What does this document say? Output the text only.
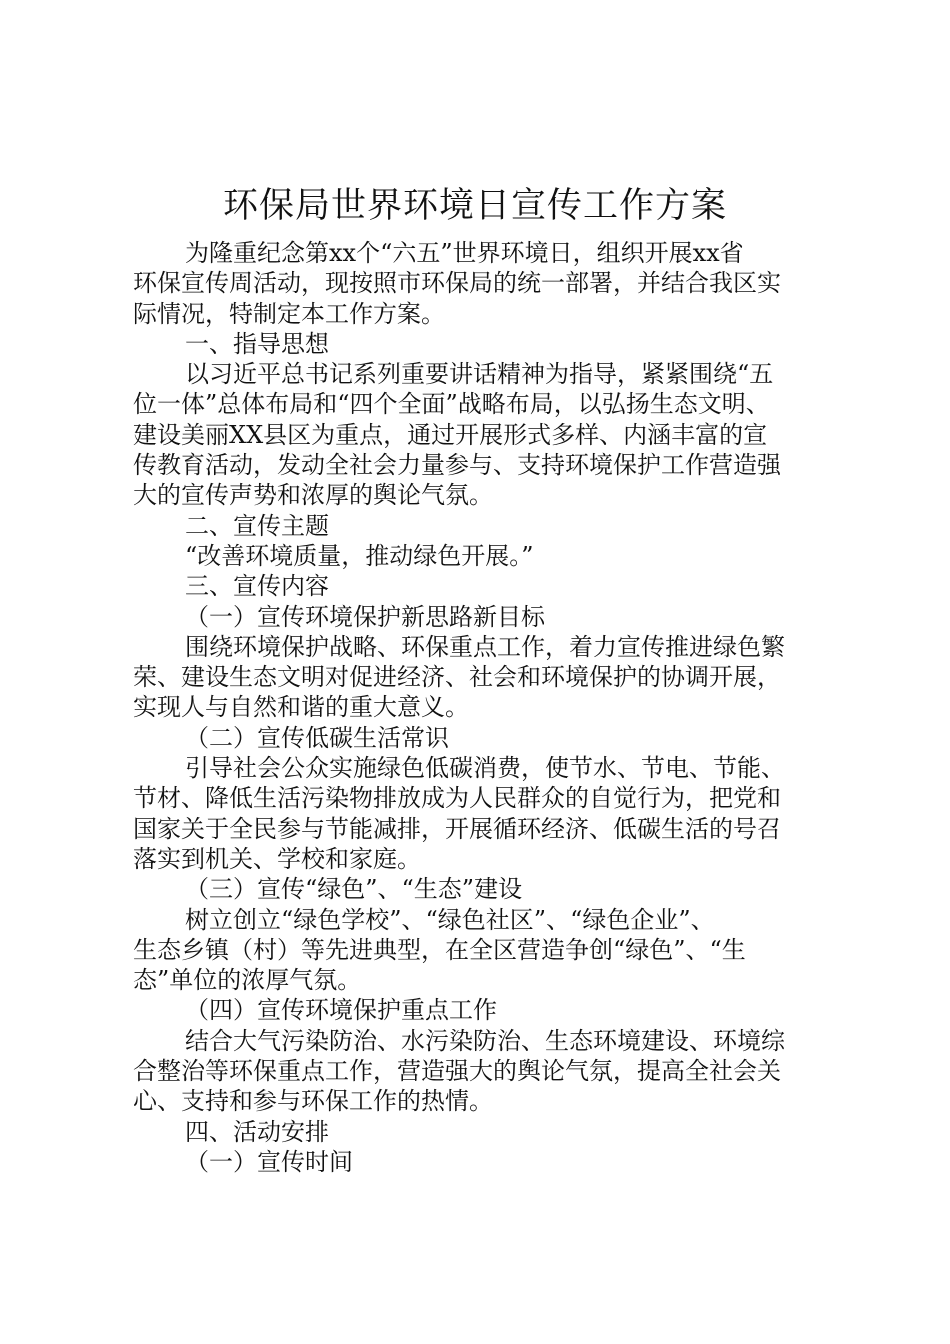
环保局世界环境日宣传工作方案
为隆重纪念第xx个“六五”世界环境日，组织开展xx省
环保宣传周活动，现按照市环保局的统一部署，并结合我区实
际情况，特制定本工作方案。
一、指导思想
以习近平总书记系列重要讲话精神为指导，紧紧围绕“五
位一体”总体布局和“四个全面”战略布局，以弘扬生态文明、
建设美丽XX县区为重点，通过开展形式多样、内涵丰富的宣
传教育活动，发动全社会力量参与、支持环境保护工作营造强
大的宣传声势和浓厚的舆论气氛。
二、宣传主题
“改善环境质量，推动绿色开展。”
三、宣传内容
（一）宣传环境保护新思路新目标
围绕环境保护战略、环保重点工作，着力宣传推进绿色繁
荣、建设生态文明对促进经济、社会和环境保护的协调开展，
实现人与自然和谐的重大意义。
（二）宣传低碳生活常识
引导社会公众实施绿色低碳消费，使节水、节电、节能、
节材、降低生活污染物排放成为人民群众的自觉行为，把党和
国家关于全民参与节能减排，开展循环经济、低碳生活的号召
落实到机关、学校和家庭。
（三）宣传“绿色”、“生态”建设
树立创立“绿色学校”、“绿色社区”、“绿色企业”、
生态乡镇（村）等先进典型，在全区营造争创“绿色”、“生
态”单位的浓厚气氛。
（四）宣传环境保护重点工作
结合大气污染防治、水污染防治、生态环境建设、环境综
合整治等环保重点工作，营造强大的舆论气氛，提高全社会关
心、支持和参与环保工作的热情。
四、活动安排
（一）宣传时间
